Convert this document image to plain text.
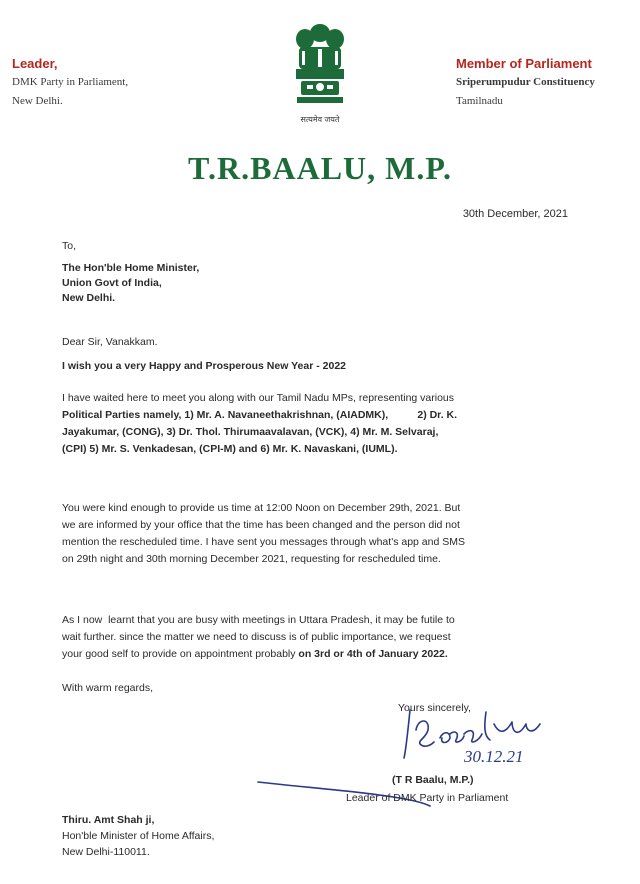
Leader,
DMK Party in Parliament,
New Delhi.
सत्यमेव जयते
Member of Parliament
Sriperumpudur Constituency
Tamilnadu
T.R.BAALU, M.P.
30th December, 2021
To,
The Hon'ble Home Minister,
Union Govt of India,
New Delhi.
Dear Sir, Vanakkam.
I wish you a very Happy and Prosperous New Year - 2022
I have waited here to meet you along with our Tamil Nadu MPs, representing various
Political Parties namely, 1) Mr. A. Navaneethakrishnan, (AIADMK),          2) Dr. K.
Jayakumar, (CONG), 3) Dr. Thol. Thirumaavalavan, (VCK), 4) Mr. M. Selvaraj,
(CPI) 5) Mr. S. Venkadesan, (CPI-M) and 6) Mr. K. Navaskani, (IUML).
You were kind enough to provide us time at 12:00 Noon on December 29th, 2021. But
we are informed by your office that the time has been changed and the person did not
mention the rescheduled time. I have sent you messages through what's app and SMS
on 29th night and 30th morning December 2021, requesting for rescheduled time.
As I now  learnt that you are busy with meetings in Uttara Pradesh, it may be futile to
wait further. since the matter we need to discuss is of public importance, we request
your good self to provide on appointment probably on 3rd or 4th of January 2022.
With warm regards,
Yours sincerely,
30.12.21
(T R Baalu, M.P.)
Leader of DMK Party in Parliament
Thiru. Amt Shah ji,
Hon'ble Minister of Home Affairs,
New Delhi-110011.
